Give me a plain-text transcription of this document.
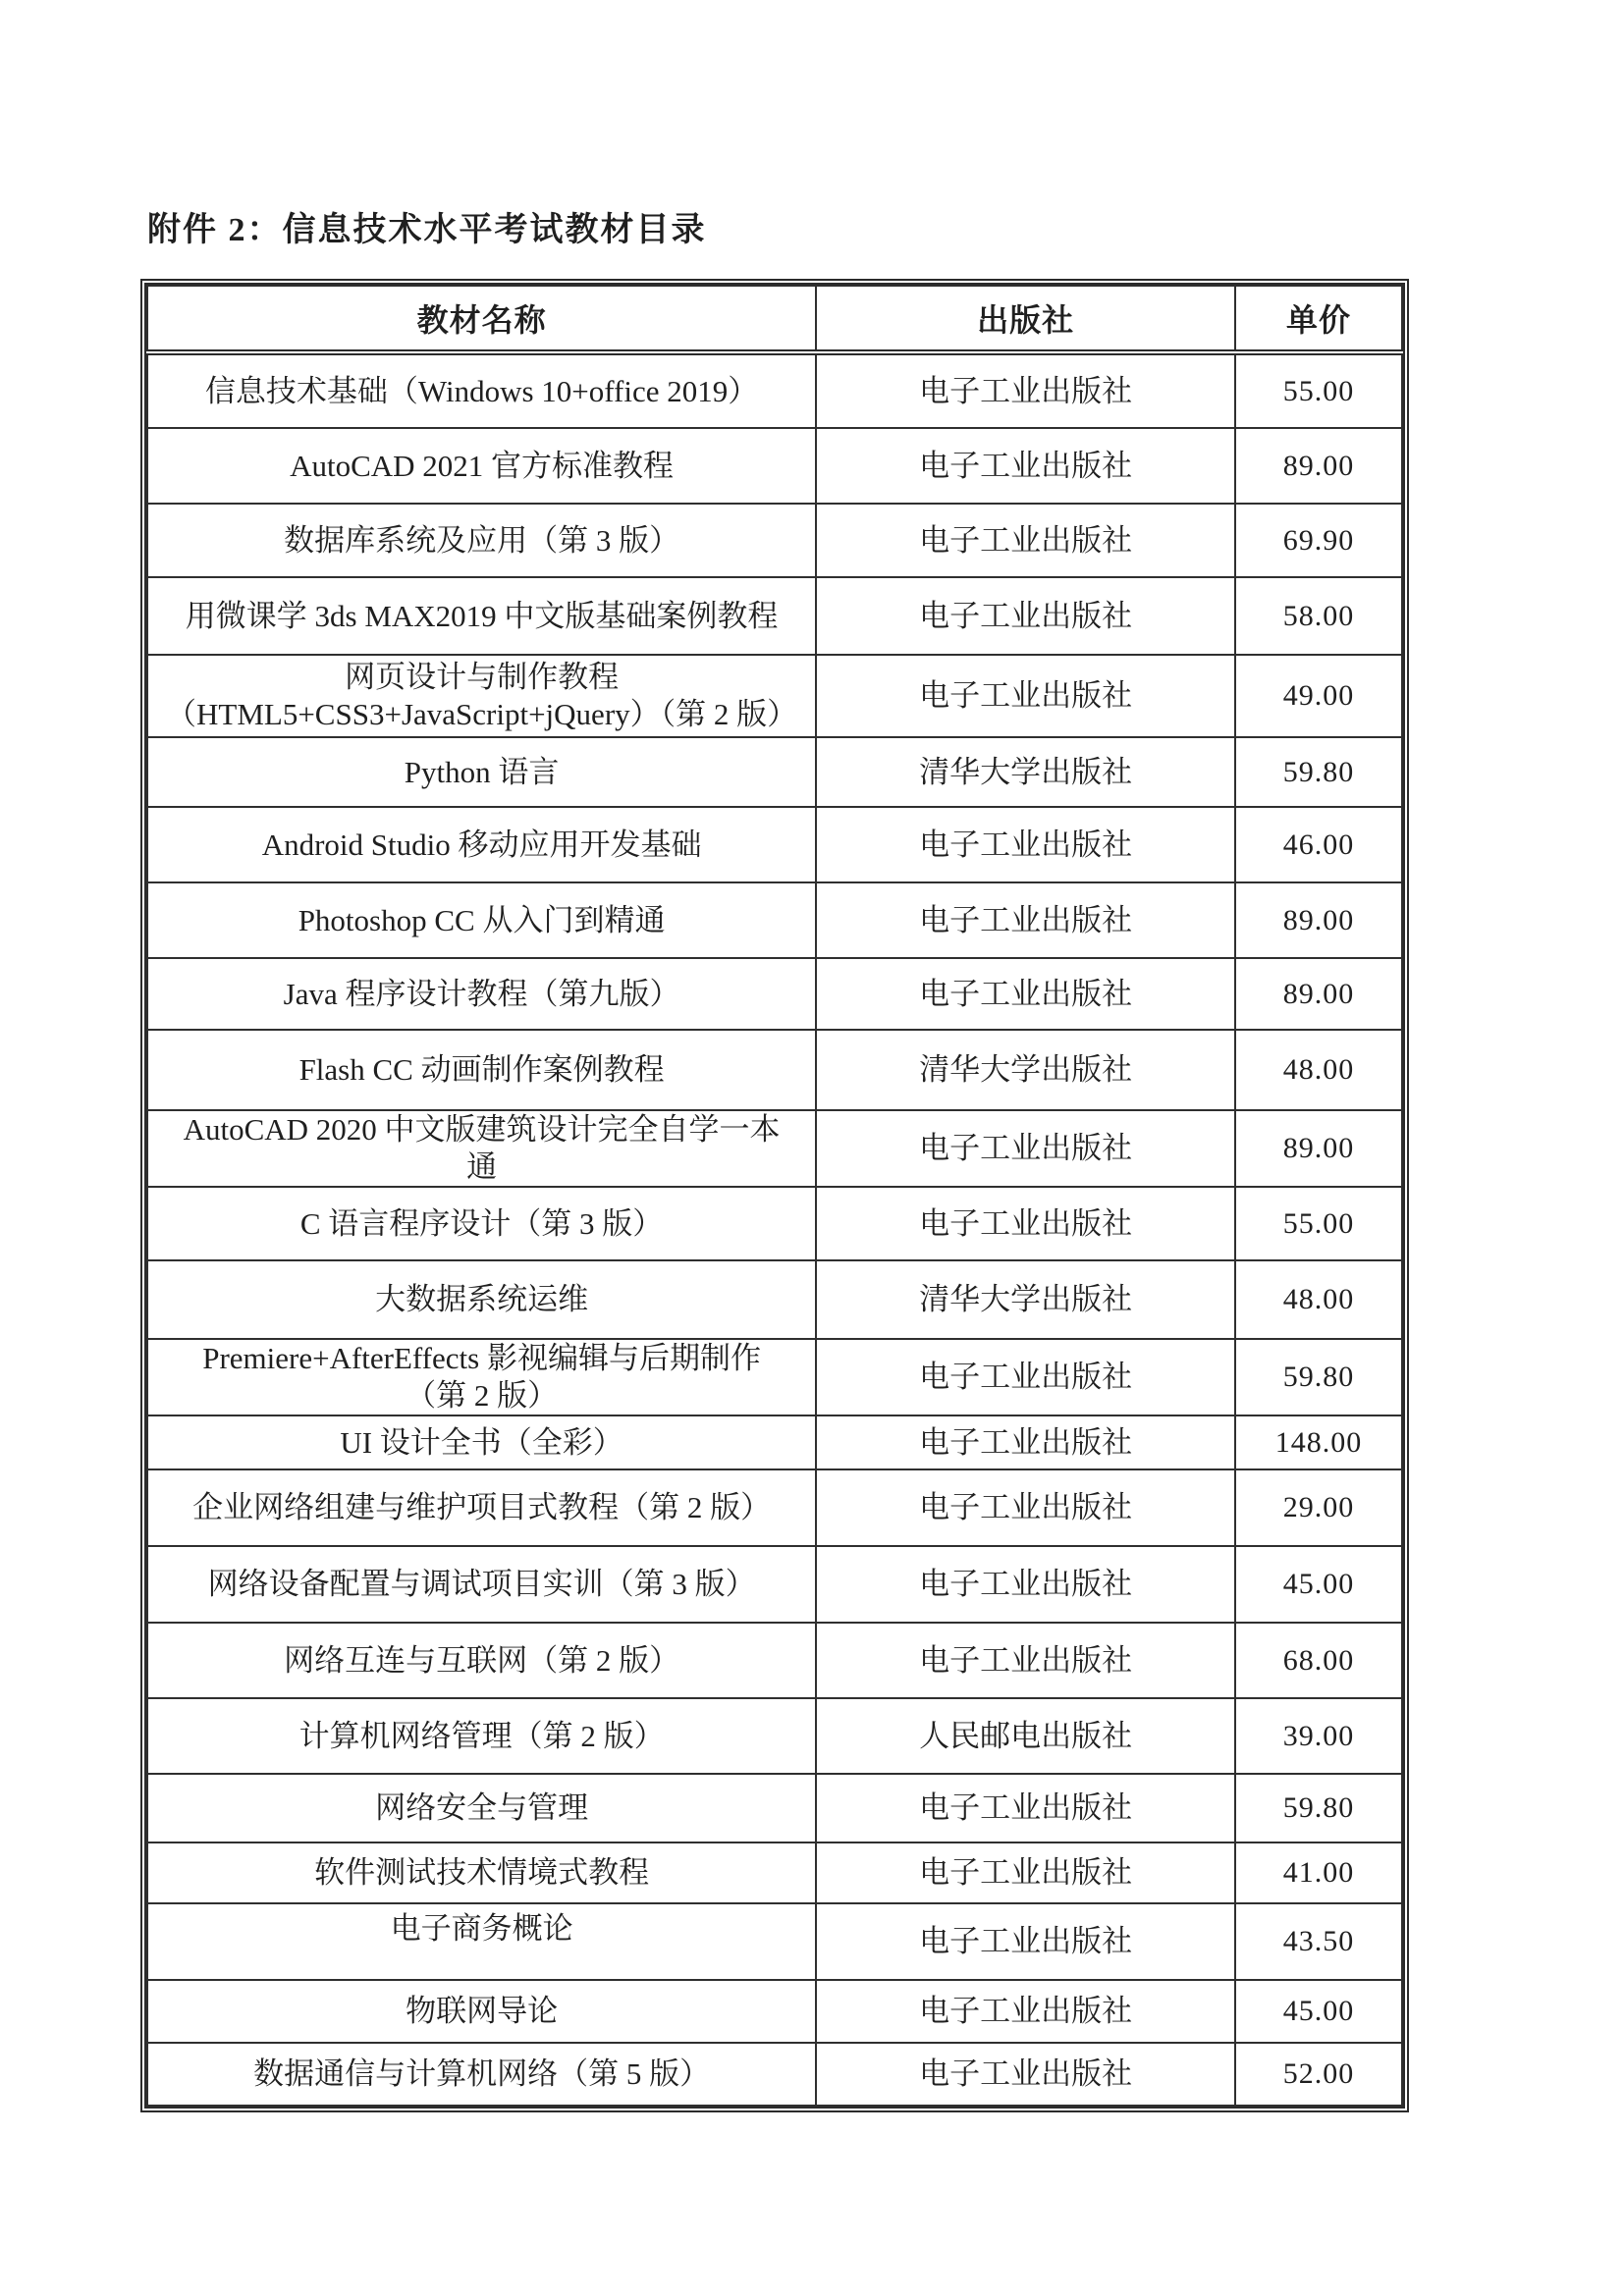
附件 2：信息技术水平考试教材目录
教材名称	出版社	单价
信息技术基础（Windows 10+office 2019）	电子工业出版社	55.00
AutoCAD 2021 官方标准教程	电子工业出版社	89.00
数据库系统及应用（第 3 版）	电子工业出版社	69.90
用微课学 3ds MAX2019 中文版基础案例教程	电子工业出版社	58.00
网页设计与制作教程
（HTML5+CSS3+JavaScript+jQuery）（第 2 版）	电子工业出版社	49.00
Python 语言	清华大学出版社	59.80
Android Studio 移动应用开发基础	电子工业出版社	46.00
Photoshop CC 从入门到精通	电子工业出版社	89.00
Java 程序设计教程（第九版）	电子工业出版社	89.00
Flash CC 动画制作案例教程	清华大学出版社	48.00
AutoCAD 2020 中文版建筑设计完全自学一本
通	电子工业出版社	89.00
C 语言程序设计（第 3 版）	电子工业出版社	55.00
大数据系统运维	清华大学出版社	48.00
Premiere+AfterEffects 影视编辑与后期制作
（第 2 版）	电子工业出版社	59.80
UI 设计全书（全彩）	电子工业出版社	148.00
企业网络组建与维护项目式教程（第 2 版）	电子工业出版社	29.00
网络设备配置与调试项目实训（第 3 版）	电子工业出版社	45.00
网络互连与互联网（第 2 版）	电子工业出版社	68.00
计算机网络管理（第 2 版）	人民邮电出版社	39.00
网络安全与管理	电子工业出版社	59.80
软件测试技术情境式教程	电子工业出版社	41.00
电子商务概论	电子工业出版社	43.50
物联网导论	电子工业出版社	45.00
数据通信与计算机网络（第 5 版）	电子工业出版社	52.00
